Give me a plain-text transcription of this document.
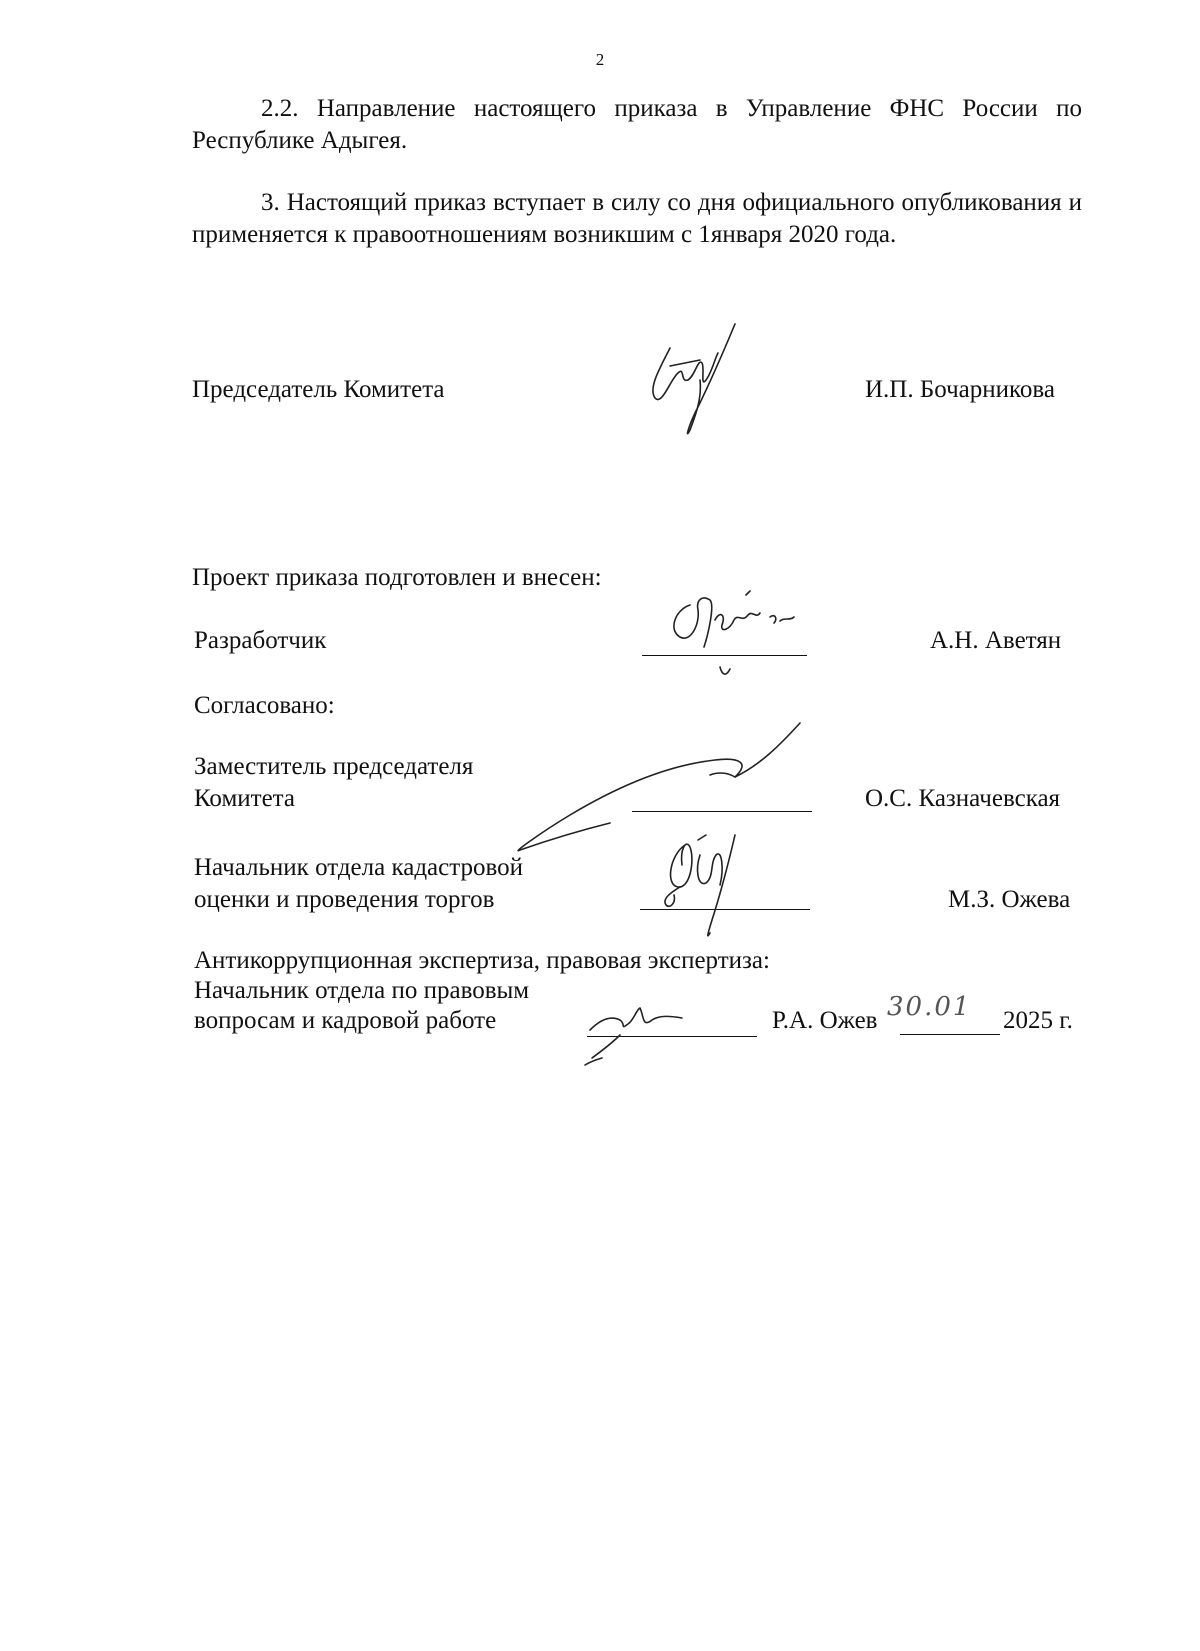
2
2.2. Направление настоящего приказа в Управление ФНС России по Республике Адыгея.
3. Настоящий приказ вступает в силу со дня официального опубликования и применяется к правоотношениям возникшим с 1января 2020 года.
Председатель Комитета	И.П. Бочарникова
Проект приказа подготовлен и внесен:
Разработчик	А.Н. Аветян
Согласовано:
Заместитель председателя
Комитета	О.С. Казначевская
Начальник отдела кадастровой
оценки и проведения торгов	М.З. Ожева
Антикоррупционная экспертиза, правовая экспертиза:
Начальник отдела по правовым
вопросам и кадровой работе	Р.А. Ожев 30.01 2025 г.
